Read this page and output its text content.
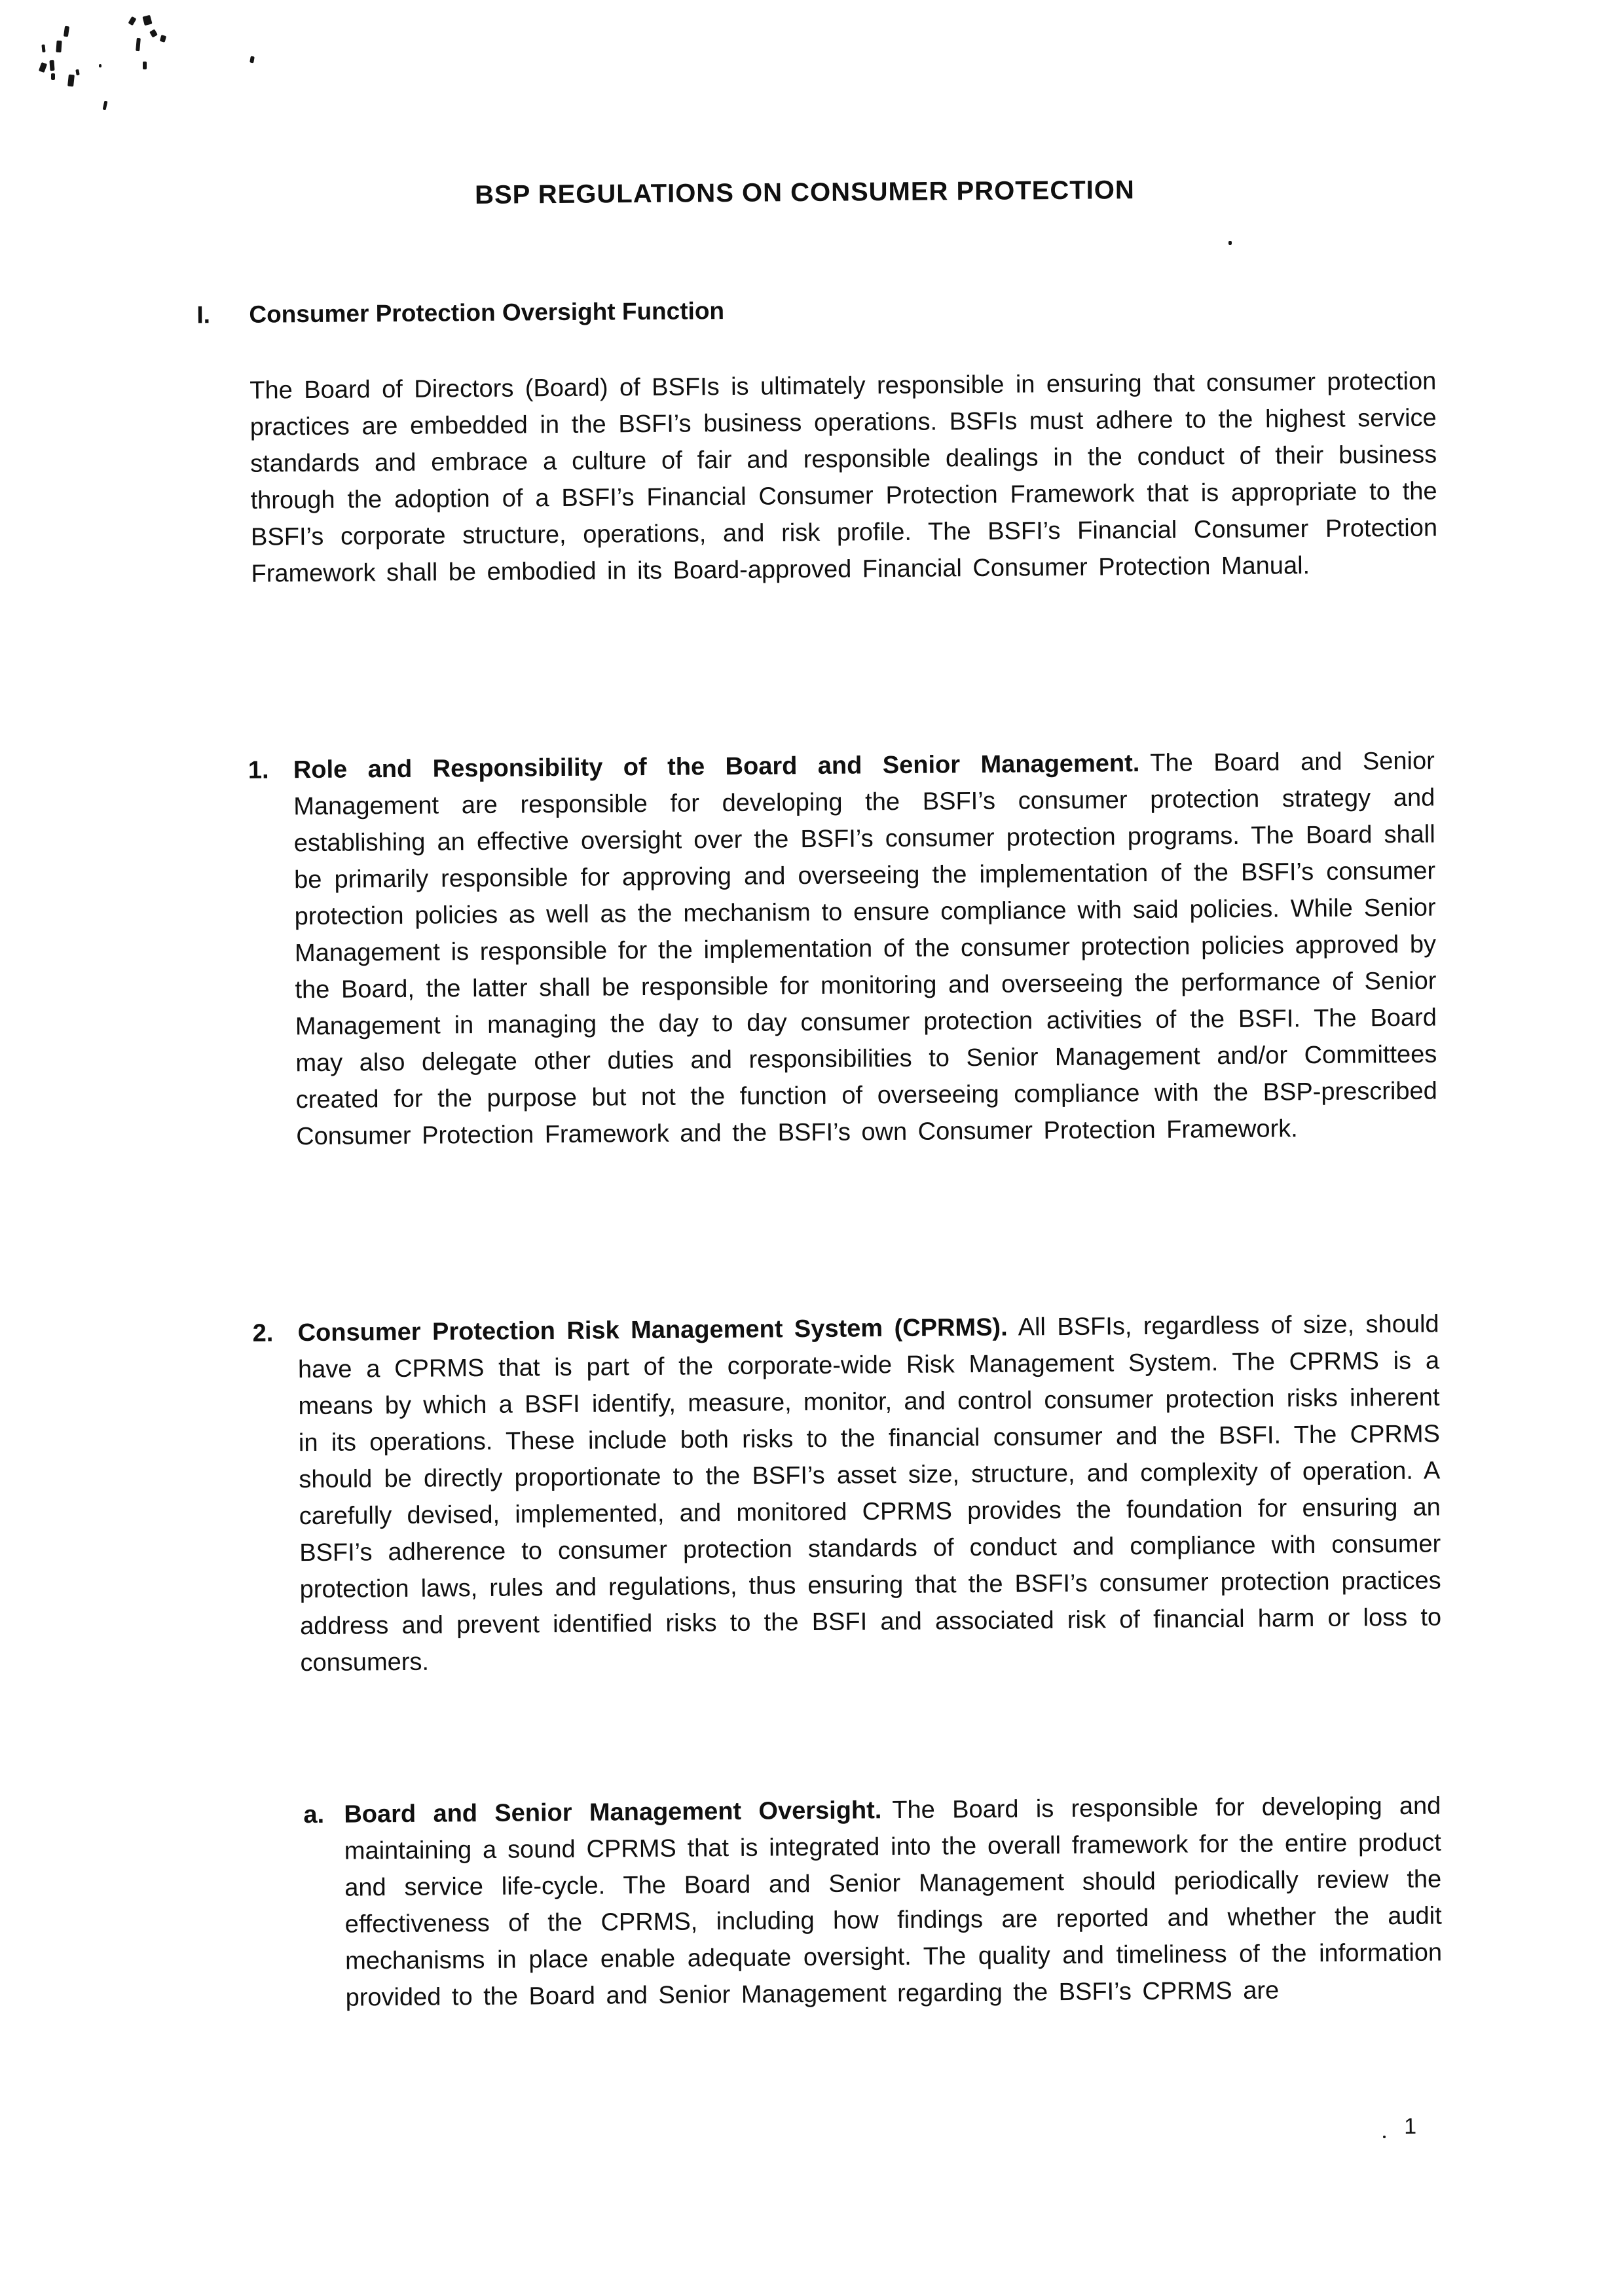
BSP REGULATIONS ON CONSUMER PROTECTION
I.	Consumer Protection Oversight Function
The Board of Directors (Board) of BSFIs is ultimately responsible in ensuring that consumer protection practices are embedded in the BSFI’s business operations. BSFIs must adhere to the highest service standards and embrace a culture of fair and responsible dealings in the conduct of their business through the adoption of a BSFI’s Financial Consumer Protection Framework that is appropriate to the BSFI’s corporate structure, operations, and risk profile. The BSFI’s Financial Consumer Protection Framework shall be embodied in its Board-approved Financial Consumer Protection Manual.
1. Role and Responsibility of the Board and Senior Management. The Board and Senior Management are responsible for developing the BSFI’s consumer protection strategy and establishing an effective oversight over the BSFI’s consumer protection programs. The Board shall be primarily responsible for approving and overseeing the implementation of the BSFI’s consumer protection policies as well as the mechanism to ensure compliance with said policies. While Senior Management is responsible for the implementation of the consumer protection policies approved by the Board, the latter shall be responsible for monitoring and overseeing the performance of Senior Management in managing the day to day consumer protection activities of the BSFI. The Board may also delegate other duties and responsibilities to Senior Management and/or Committees created for the purpose but not the function of overseeing compliance with the BSP-prescribed Consumer Protection Framework and the BSFI’s own Consumer Protection Framework.
2. Consumer Protection Risk Management System (CPRMS). All BSFIs, regardless of size, should have a CPRMS that is part of the corporate-wide Risk Management System. The CPRMS is a means by which a BSFI identify, measure, monitor, and control consumer protection risks inherent in its operations. These include both risks to the financial consumer and the BSFI. The CPRMS should be directly proportionate to the BSFI’s asset size, structure, and complexity of operation. A carefully devised, implemented, and monitored CPRMS provides the foundation for ensuring an BSFI’s adherence to consumer protection standards of conduct and compliance with consumer protection laws, rules and regulations, thus ensuring that the BSFI’s consumer protection practices address and prevent identified risks to the BSFI and associated risk of financial harm or loss to consumers.
a. Board and Senior Management Oversight. The Board is responsible for developing and maintaining a sound CPRMS that is integrated into the overall framework for the entire product and service life-cycle. The Board and Senior Management should periodically review the effectiveness of the CPRMS, including how findings are reported and whether the audit mechanisms in place enable adequate oversight. The quality and timeliness of the information provided to the Board and Senior Management regarding the BSFI’s CPRMS are
1
